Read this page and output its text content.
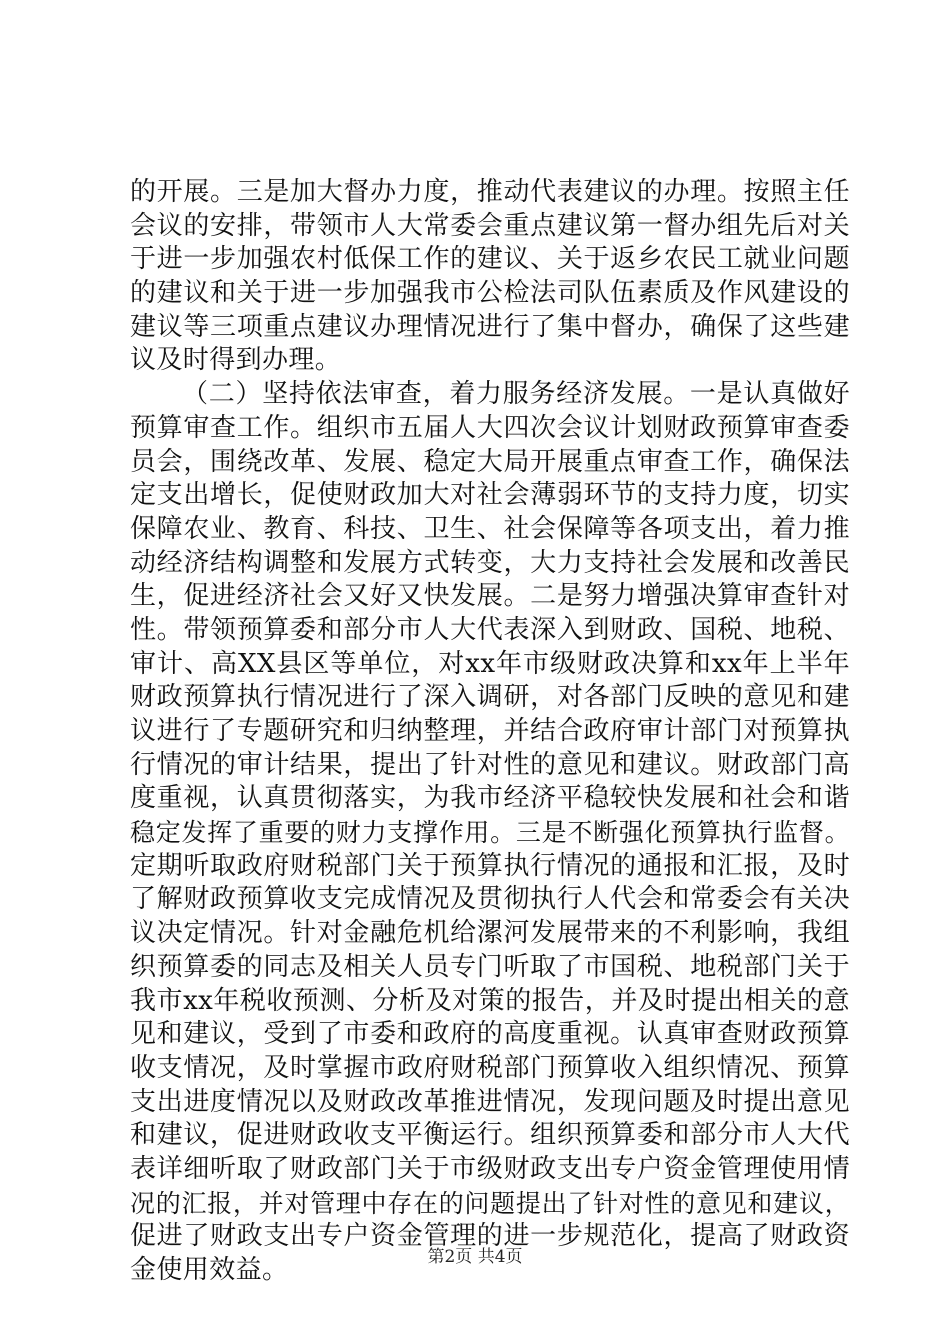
的开展。三是加大督办力度，推动代表建议的办理。按照主任
会议的安排，带领市人大常委会重点建议第一督办组先后对关
于进一步加强农村低保工作的建议、关于返乡农民工就业问题
的建议和关于进一步加强我市公检法司队伍素质及作风建设的
建议等三项重点建议办理情况进行了集中督办，确保了这些建
议及时得到办理。
（二）坚持依法审查，着力服务经济发展。一是认真做好
预算审查工作。组织市五届人大四次会议计划财政预算审查委
员会，围绕改革、发展、稳定大局开展重点审查工作，确保法
定支出增长，促使财政加大对社会薄弱环节的支持力度，切实
保障农业、教育、科技、卫生、社会保障等各项支出，着力推
动经济结构调整和发展方式转变，大力支持社会发展和改善民
生，促进经济社会又好又快发展。二是努力增强决算审查针对
性。带领预算委和部分市人大代表深入到财政、国税、地税、
审计、高XX县区等单位，对xx年市级财政决算和xx年上半年
财政预算执行情况进行了深入调研，对各部门反映的意见和建
议进行了专题研究和归纳整理，并结合政府审计部门对预算执
行情况的审计结果，提出了针对性的意见和建议。财政部门高
度重视，认真贯彻落实，为我市经济平稳较快发展和社会和谐
稳定发挥了重要的财力支撑作用。三是不断强化预算执行监督。
定期听取政府财税部门关于预算执行情况的通报和汇报，及时
了解财政预算收支完成情况及贯彻执行人代会和常委会有关决
议决定情况。针对金融危机给漯河发展带来的不利影响，我组
织预算委的同志及相关人员专门听取了市国税、地税部门关于
我市xx年税收预测、分析及对策的报告，并及时提出相关的意
见和建议，受到了市委和政府的高度重视。认真审查财政预算
收支情况，及时掌握市政府财税部门预算收入组织情况、预算
支出进度情况以及财政改革推进情况，发现问题及时提出意见
和建议，促进财政收支平衡运行。组织预算委和部分市人大代
表详细听取了财政部门关于市级财政支出专户资金管理使用情
况的汇报，并对管理中存在的问题提出了针对性的意见和建议，
促进了财政支出专户资金管理的进一步规范化，提高了财政资
金使用效益。	第2页 共4页
